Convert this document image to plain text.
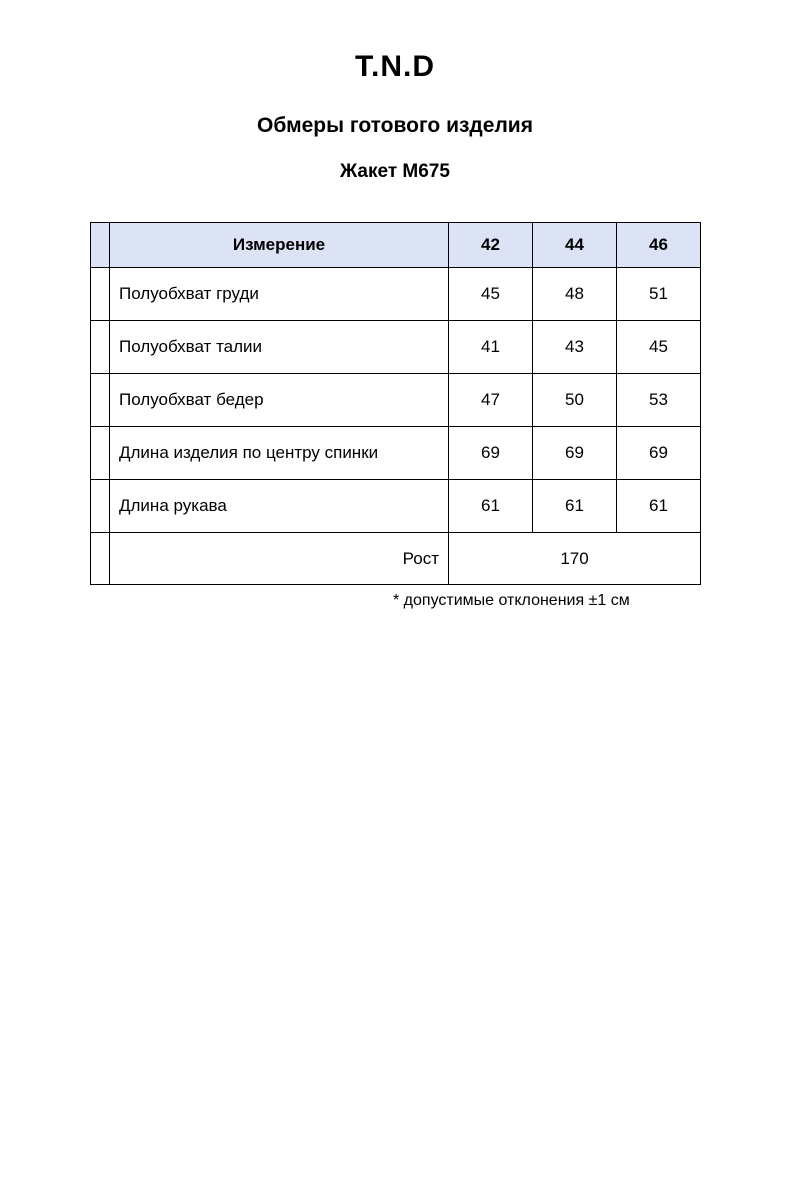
T.N.D
Обмеры готового изделия
Жакет М675
	Измерение	42	44	46
	Полуобхват груди	45	48	51
	Полуобхват талии	41	43	45
	Полуобхват бедер	47	50	53
	Длина изделия по центру спинки	69	69	69
	Длина рукава	61	61	61
	Рост	170		
* допустимые отклонения ±1 см
